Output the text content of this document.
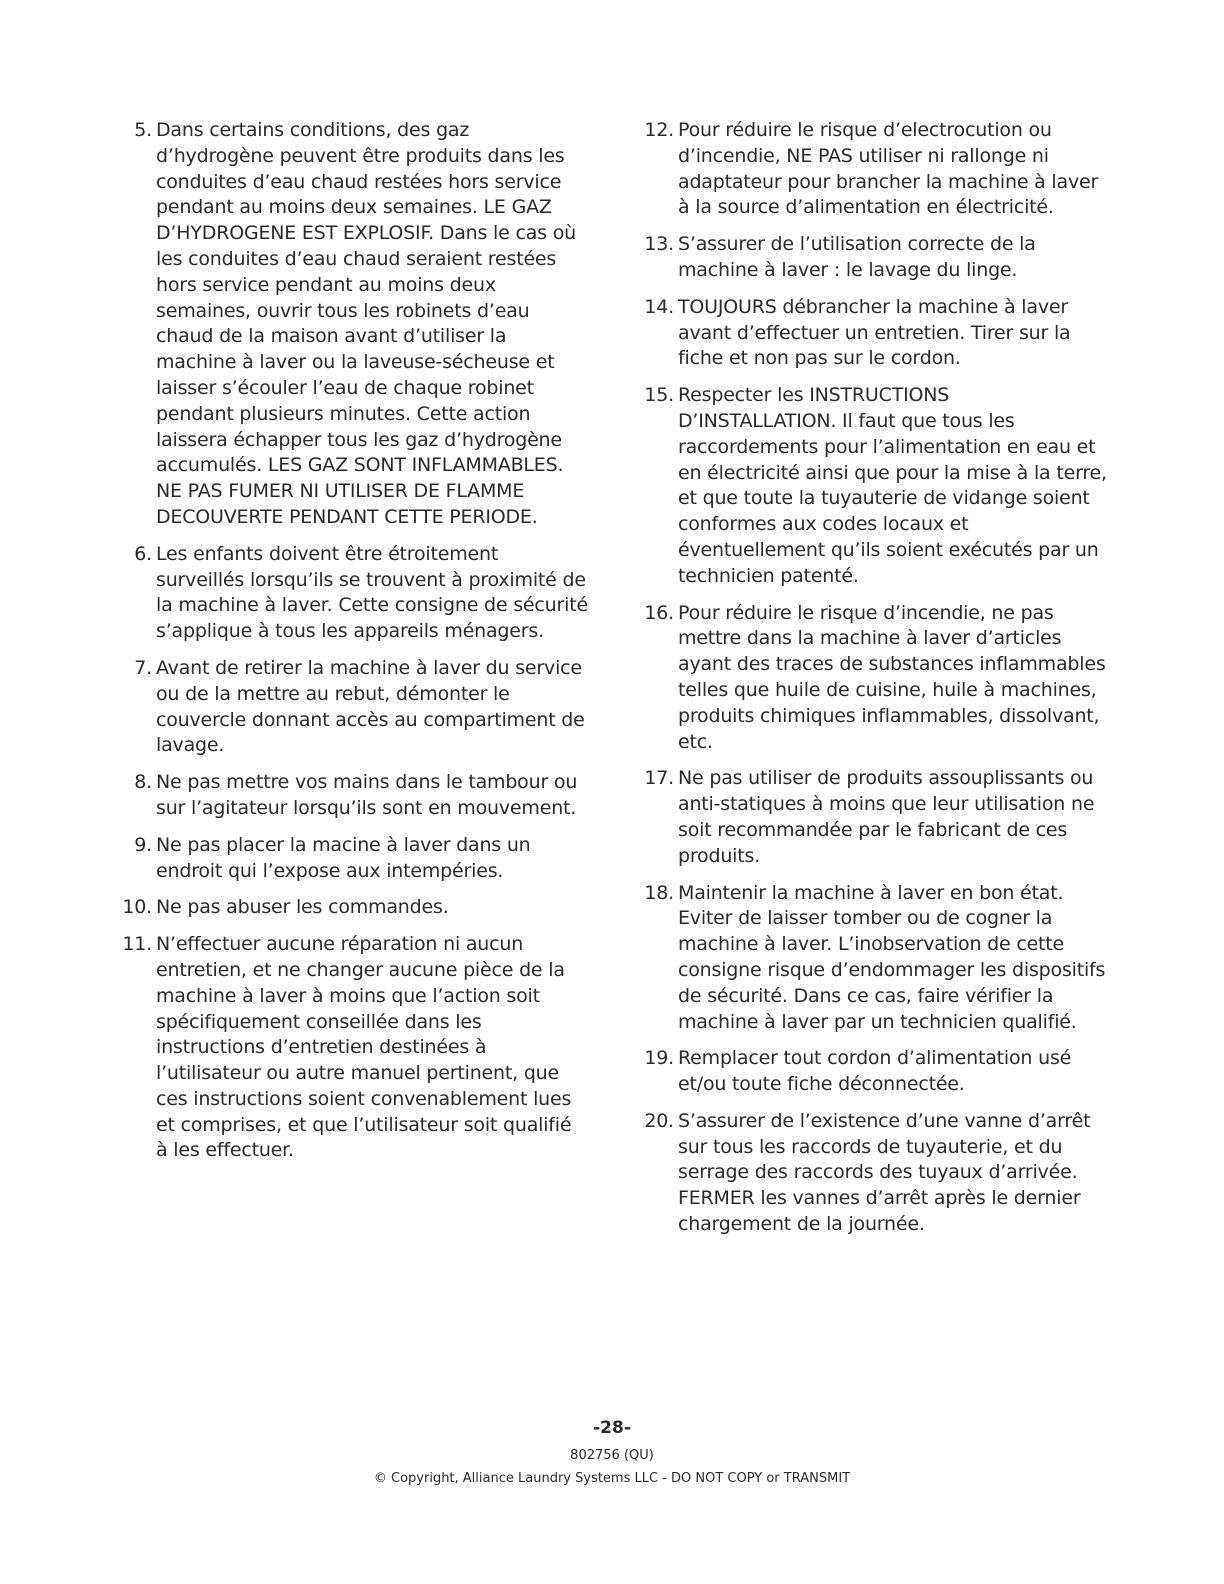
5. Dans certains conditions, des gaz d’hydrogène peuvent être produits dans les conduites d’eau chaud restées hors service pendant au moins deux semaines. LE GAZ D’HYDROGENE EST EXPLOSIF. Dans le cas où les conduites d’eau chaud seraient restées hors service pendant au moins deux semaines, ouvrir tous les robinets d’eau chaud de la maison avant d’utiliser la machine à laver ou la laveuse-sécheuse et laisser s’écouler l’eau de chaque robinet pendant plusieurs minutes. Cette action laissera échapper tous les gaz d’hydrogène accumulés. LES GAZ SONT INFLAMMABLES. NE PAS FUMER NI UTILISER DE FLAMME DECOUVERTE PENDANT CETTE PERIODE.
6. Les enfants doivent être étroitement surveillés lorsqu’ils se trouvent à proximité de la machine à laver. Cette consigne de sécurité s’applique à tous les appareils ménagers.
7. Avant de retirer la machine à laver du service ou de la mettre au rebut, démonter le couvercle donnant accès au compartiment de lavage.
8. Ne pas mettre vos mains dans le tambour ou sur l’agitateur lorsqu’ils sont en mouvement.
9. Ne pas placer la macine à laver dans un endroit qui l’expose aux intempéries.
10. Ne pas abuser les commandes.
11. N’effectuer aucune réparation ni aucun entretien, et ne changer aucune pièce de la machine à laver à moins que l’action soit spécifiquement conseillée dans les instructions d’entretien destinées à l’utilisateur ou autre manuel pertinent, que ces instructions soient convenablement lues et comprises, et que l’utilisateur soit qualifié à les effectuer.
12. Pour réduire le risque d’electrocution ou d’incendie, NE PAS utiliser ni rallonge ni adaptateur pour brancher la machine à laver à la source d’alimentation en électricité.
13. S’assurer de l’utilisation correcte de la machine à laver : le lavage du linge.
14. TOUJOURS débrancher la machine à laver avant d’effectuer un entretien. Tirer sur la fiche et non pas sur le cordon.
15. Respecter les INSTRUCTIONS D’INSTALLATION. Il faut que tous les raccordements pour l’alimentation en eau et en électricité ainsi que pour la mise à la terre, et que toute la tuyauterie de vidange soient conformes aux codes locaux et éventuellement qu’ils soient exécutés par un technicien patenté.
16. Pour réduire le risque d’incendie, ne pas mettre dans la machine à laver d’articles ayant des traces de substances inflammables telles que huile de cuisine, huile à machines, produits chimiques inflammables, dissolvant, etc.
17. Ne pas utiliser de produits assouplissants ou anti-statiques à moins que leur utilisation ne soit recommandée par le fabricant de ces produits.
18. Maintenir la machine à laver en bon état. Eviter de laisser tomber ou de cogner la machine à laver. L’inobservation de cette consigne risque d’endommager les dispositifs de sécurité. Dans ce cas, faire vérifier la machine à laver par un technicien qualifié.
19. Remplacer tout cordon d’alimentation usé et/ou toute fiche déconnectée.
20. S’assurer de l’existence d’une vanne d’arrêt sur tous les raccords de tuyauterie, et du serrage des raccords des tuyaux d’arrivée. FERMER les vannes d’arrêt après le dernier chargement de la journée.
-28-
802756 (QU)
© Copyright, Alliance Laundry Systems LLC - DO NOT COPY or TRANSMIT
